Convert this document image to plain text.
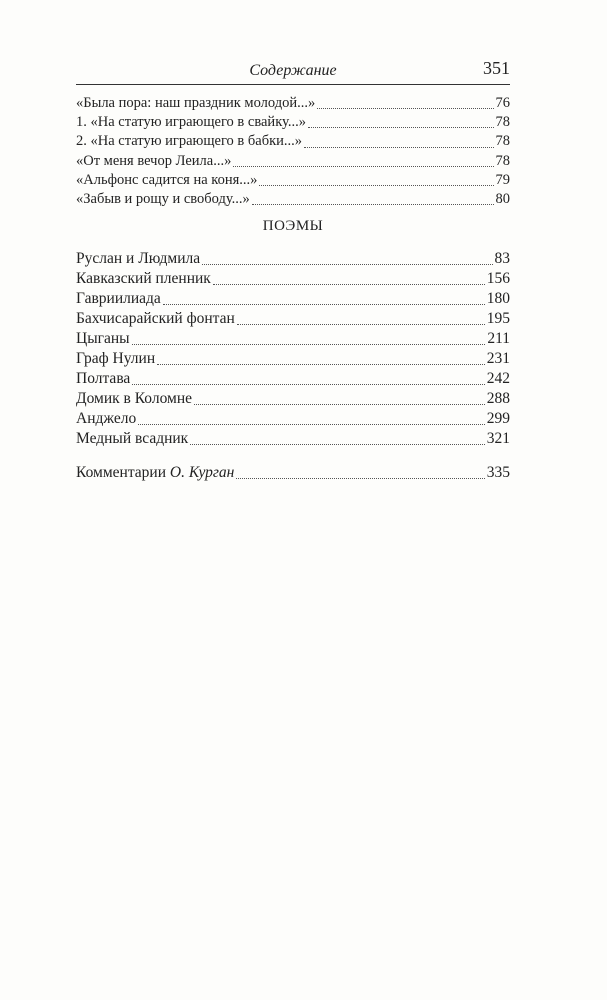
Содержание	351
«Была пора: наш праздник молодой...»	76
1. «На статую играющего в свайку...»	78
2. «На статую играющего в бабки...»	78
«От меня вечор Леила...»	78
«Альфонс садится на коня...»	79
«Забыв и рощу и свободу...»	80
ПОЭМЫ
Руслан и Людмила	83
Кавказский пленник	156
Гавриилиада	180
Бахчисарайский фонтан	195
Цыганы	211
Граф Нулин	231
Полтава	242
Домик в Коломне	288
Анджело	299
Медный всадник	321
Комментарии О. Курган	335
